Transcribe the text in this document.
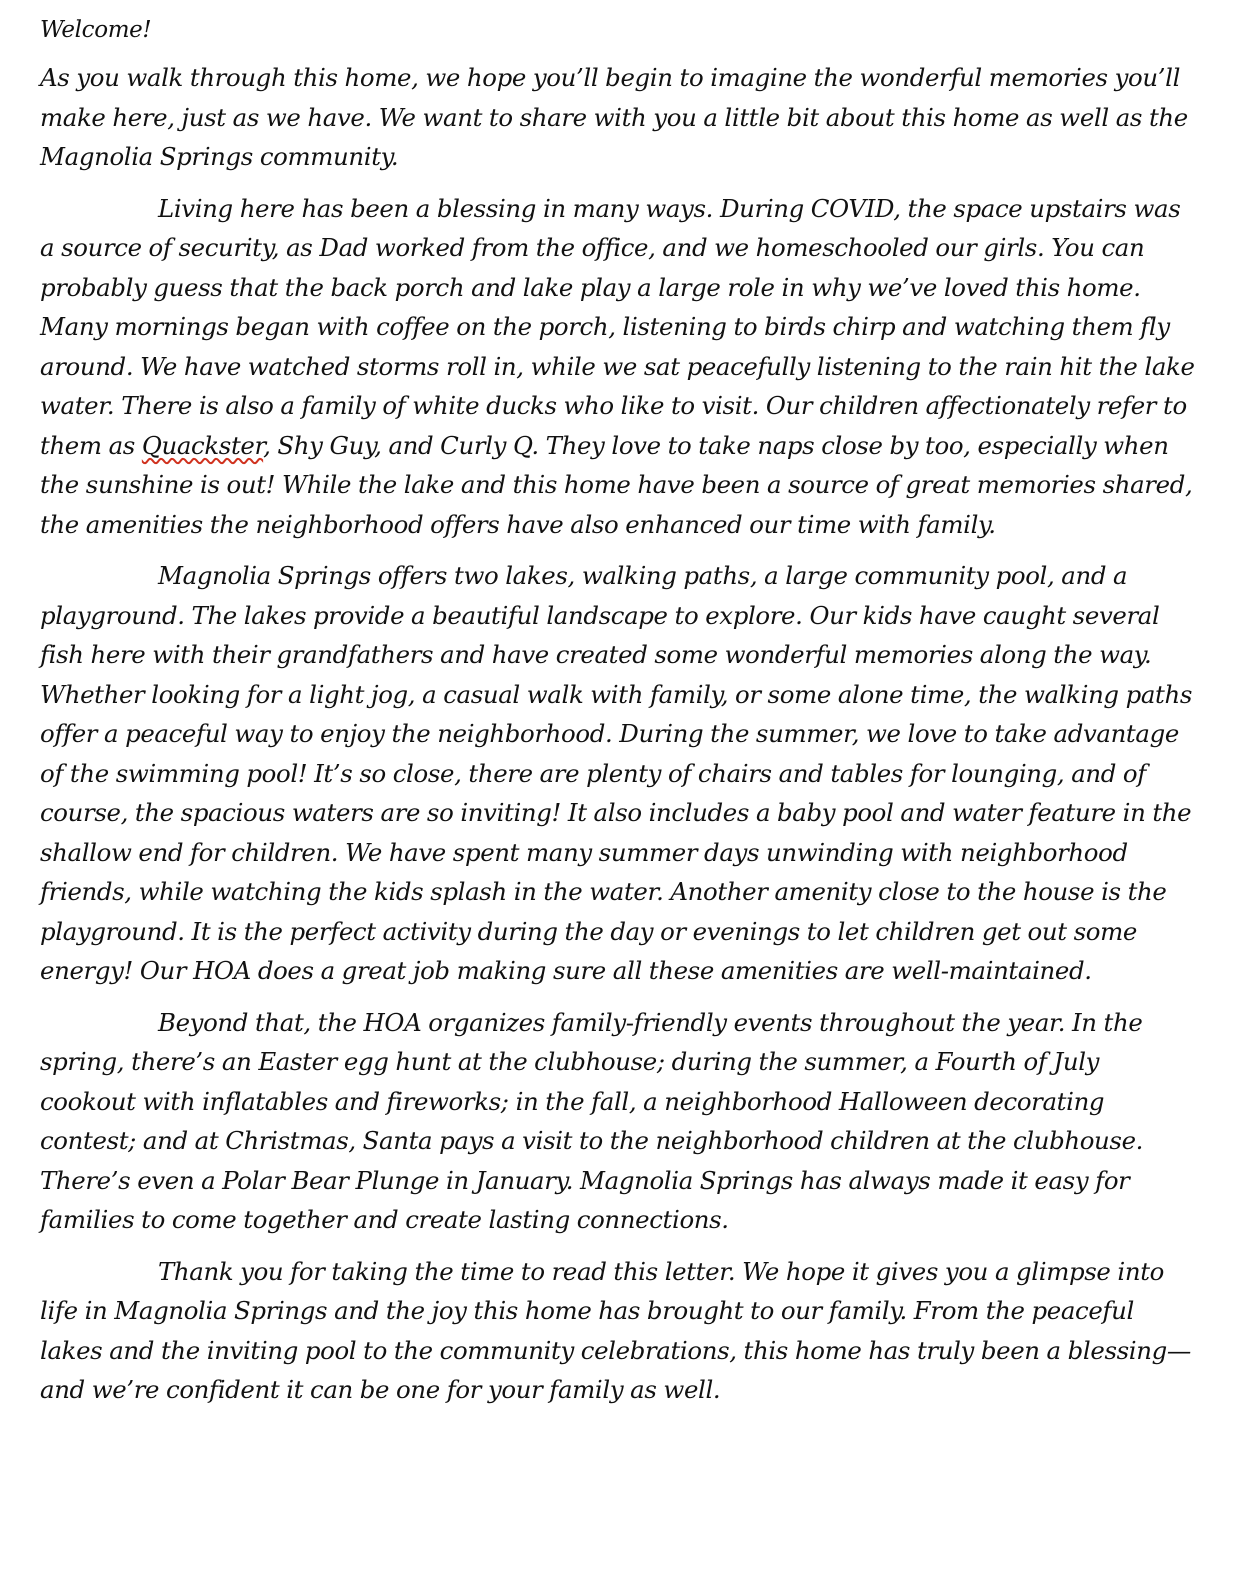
Welcome!

As you walk through this home, we hope you’ll begin to imagine the wonderful memories you’ll make here, just as we have. We want to share with you a little bit about this home as well as the Magnolia Springs community.

Living here has been a blessing in many ways. During COVID, the space upstairs was a source of security, as Dad worked from the office, and we homeschooled our girls. You can probably guess that the back porch and lake play a large role in why we’ve loved this home. Many mornings began with coffee on the porch, listening to birds chirp and watching them fly around. We have watched storms roll in, while we sat peacefully listening to the rain hit the lake water. There is also a family of white ducks who like to visit. Our children affectionately refer to them as Quackster, Shy Guy, and Curly Q. They love to take naps close by too, especially when the sunshine is out! While the lake and this home have been a source of great memories shared, the amenities the neighborhood offers have also enhanced our time with family.

Magnolia Springs offers two lakes, walking paths, a large community pool, and a playground. The lakes provide a beautiful landscape to explore. Our kids have caught several fish here with their grandfathers and have created some wonderful memories along the way. Whether looking for a light jog, a casual walk with family, or some alone time, the walking paths offer a peaceful way to enjoy the neighborhood. During the summer, we love to take advantage of the swimming pool! It’s so close, there are plenty of chairs and tables for lounging, and of course, the spacious waters are so inviting! It also includes a baby pool and water feature in the shallow end for children. We have spent many summer days unwinding with neighborhood friends, while watching the kids splash in the water. Another amenity close to the house is the playground. It is the perfect activity during the day or evenings to let children get out some energy! Our HOA does a great job making sure all these amenities are well-maintained.

Beyond that, the HOA organizes family-friendly events throughout the year. In the spring, there’s an Easter egg hunt at the clubhouse; during the summer, a Fourth of July cookout with inflatables and fireworks; in the fall, a neighborhood Halloween decorating contest; and at Christmas, Santa pays a visit to the neighborhood children at the clubhouse. There’s even a Polar Bear Plunge in January. Magnolia Springs has always made it easy for families to come together and create lasting connections.

Thank you for taking the time to read this letter. We hope it gives you a glimpse into life in Magnolia Springs and the joy this home has brought to our family. From the peaceful lakes and the inviting pool to the community celebrations, this home has truly been a blessing—and we’re confident it can be one for your family as well.
